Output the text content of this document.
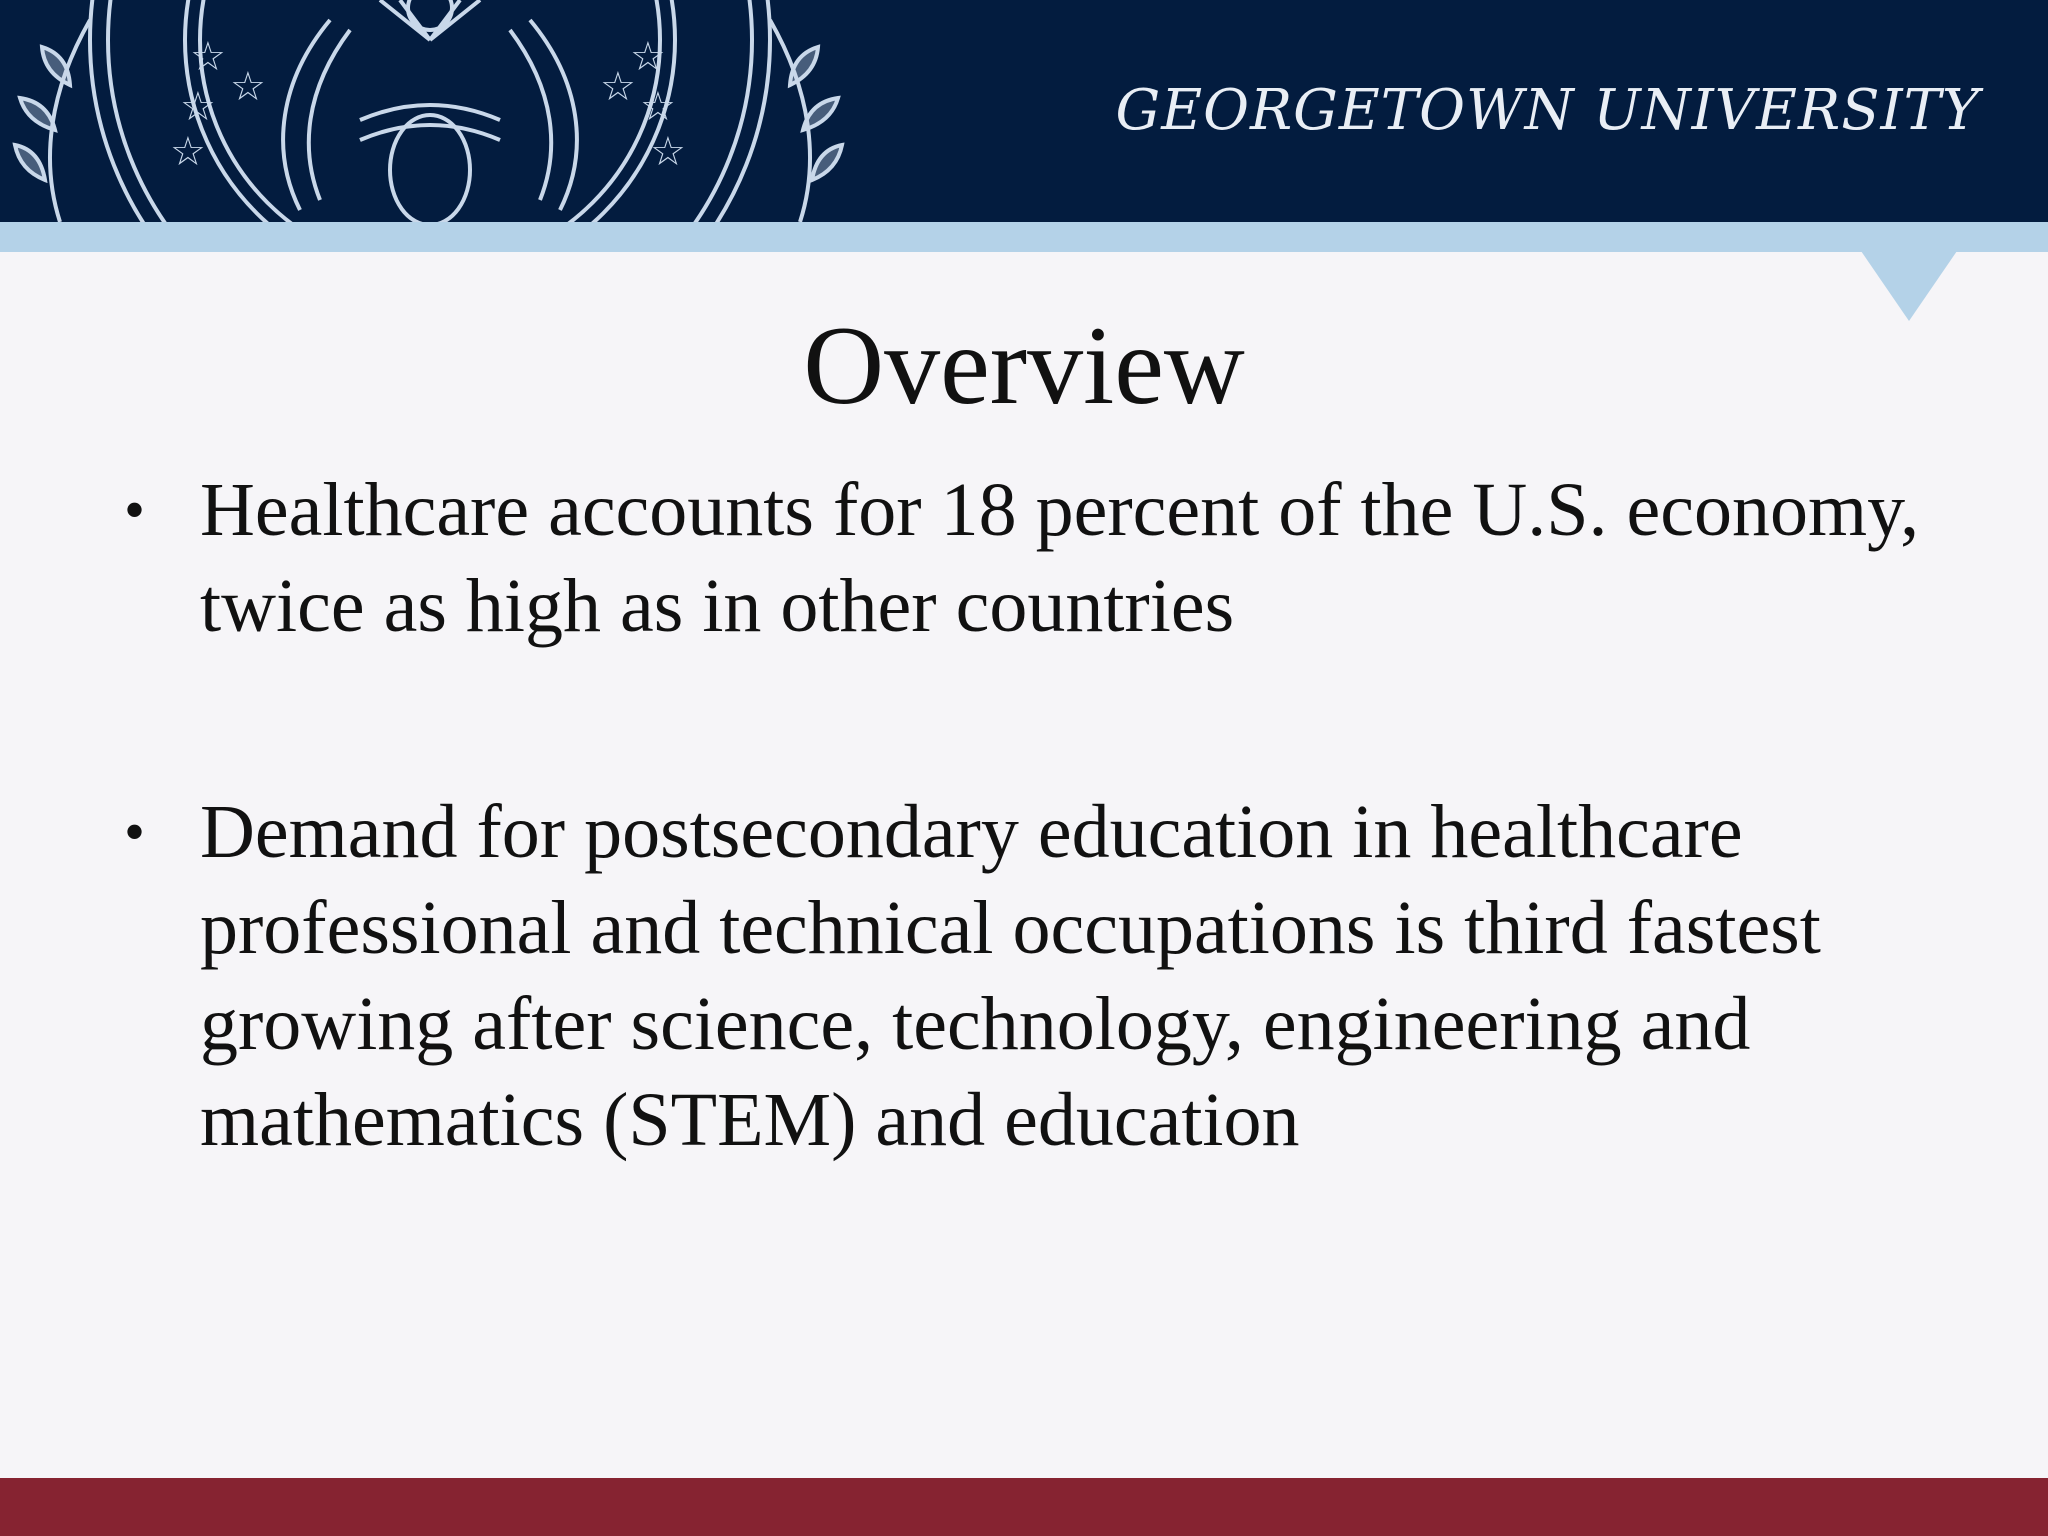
☆
☆
☆
☆
☆
☆
☆
☆	GEORGETOWN UNIVERSITY
Overview
• Healthcare accounts for 18 percent of the U.S. economy, twice as high as in other countries
• Demand for postsecondary education in healthcare professional and technical occupations is third fastest growing after science, technology, engineering and mathematics (STEM) and education
